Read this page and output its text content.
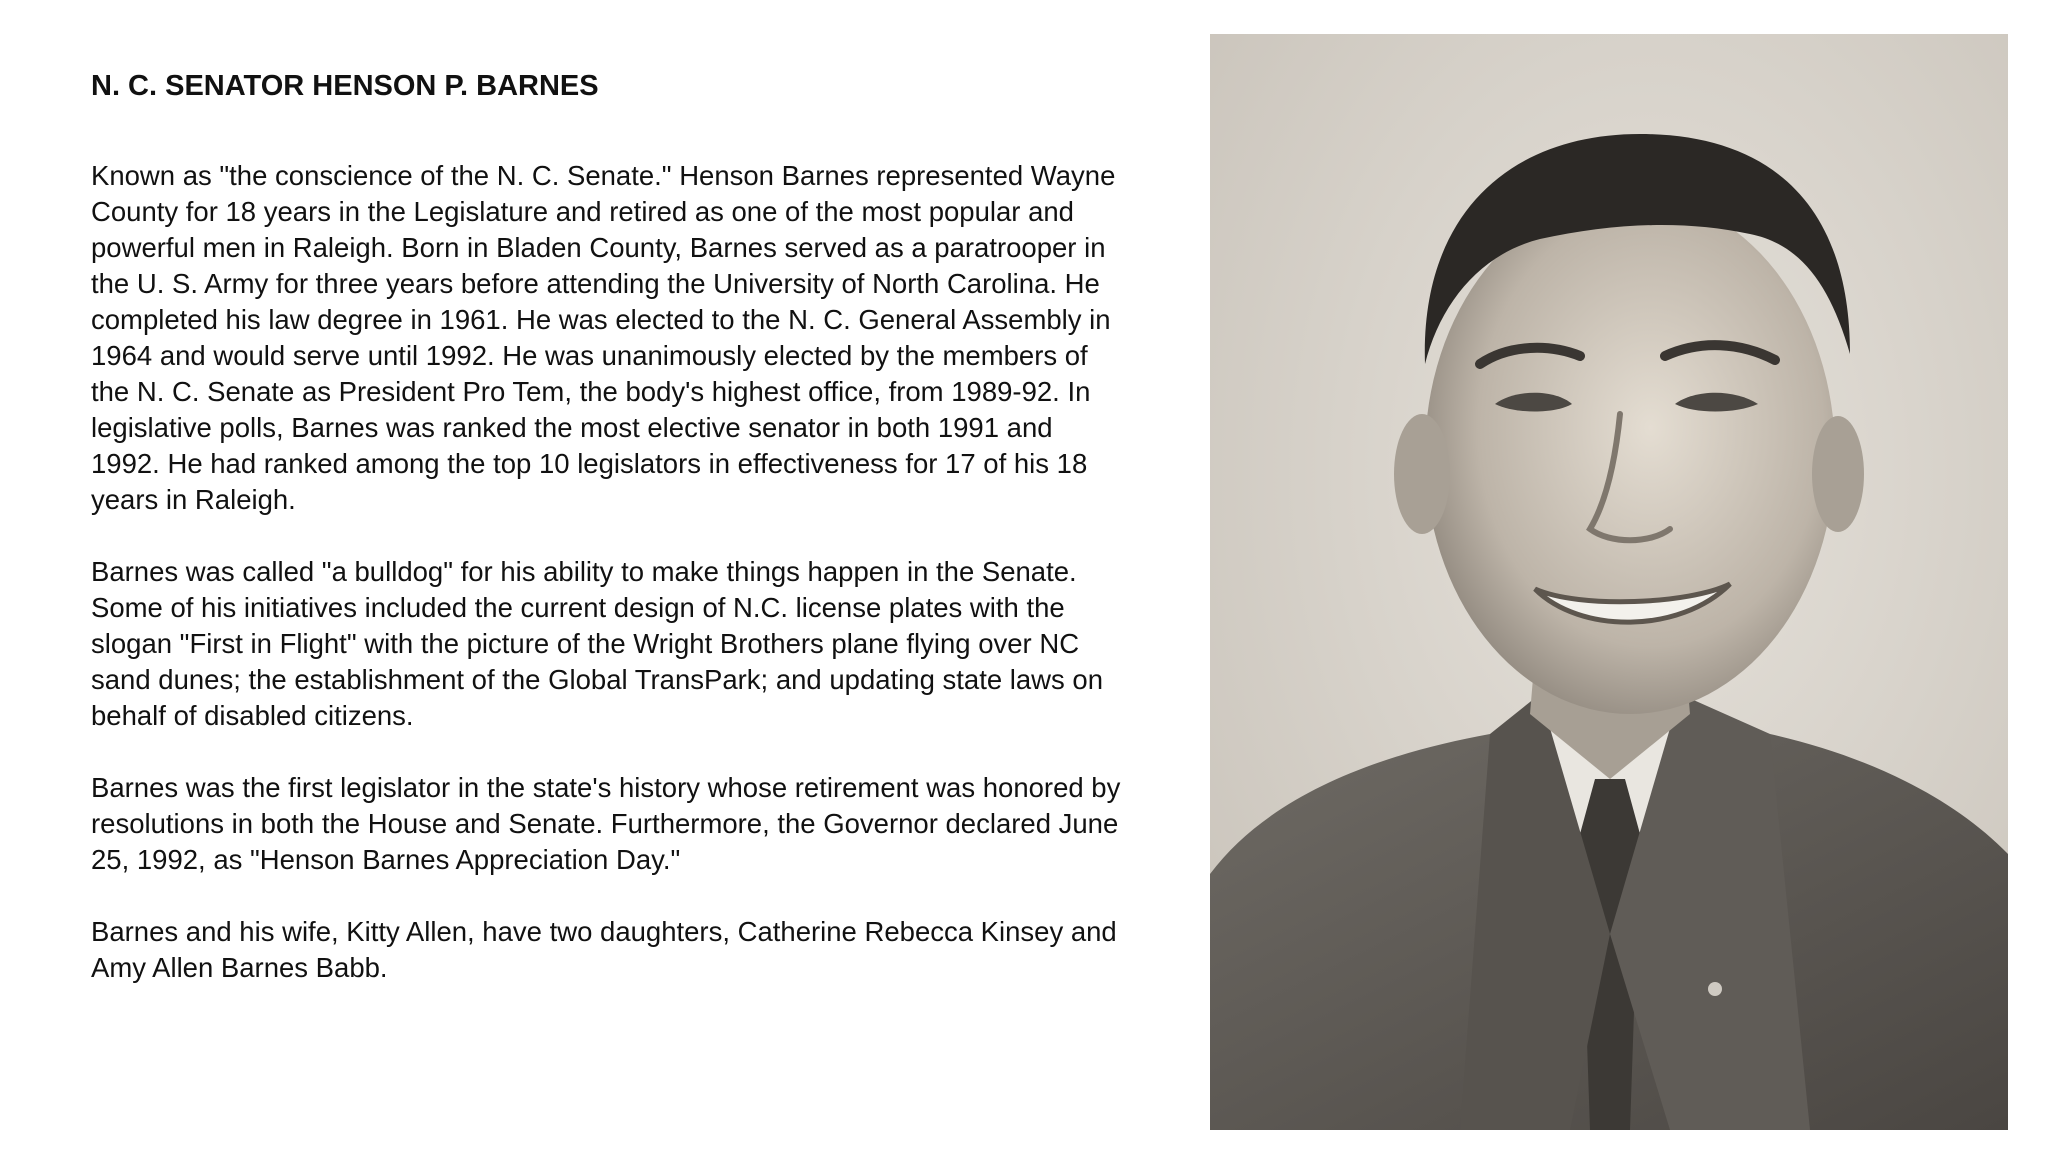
N. C. SENATOR HENSON P. BARNES

Known as "the conscience of the N. C. Senate." Henson Barnes represented Wayne County for 18 years in the Legislature and retired as one of the most popular and powerful men in Raleigh. Born in Bladen County, Barnes served as a paratrooper in the U. S. Army for three years before attending the University of North Carolina. He completed his law degree in 1961. He was elected to the N. C. General Assembly in 1964 and would serve until 1992. He was unanimously elected by the members of the N. C. Senate as President Pro Tem, the body's highest office, from 1989-92. In legislative polls, Barnes was ranked the most elective senator in both 1991 and 1992. He had ranked among the top 10 legislators in effectiveness for 17 of his 18 years in Raleigh.

Barnes was called "a bulldog" for his ability to make things happen in the Senate. Some of his initiatives included the current design of N.C. license plates with the slogan "First in Flight" with the picture of the Wright Brothers plane flying over NC sand dunes; the establishment of the Global TransPark; and updating state laws on behalf of disabled citizens.

Barnes was the first legislator in the state's history whose retirement was honored by resolutions in both the House and Senate. Furthermore, the Governor declared June 25, 1992, as "Henson Barnes Appreciation Day."

Barnes and his wife, Kitty Allen, have two daughters, Catherine Rebecca Kinsey and Amy Allen Barnes Babb.
